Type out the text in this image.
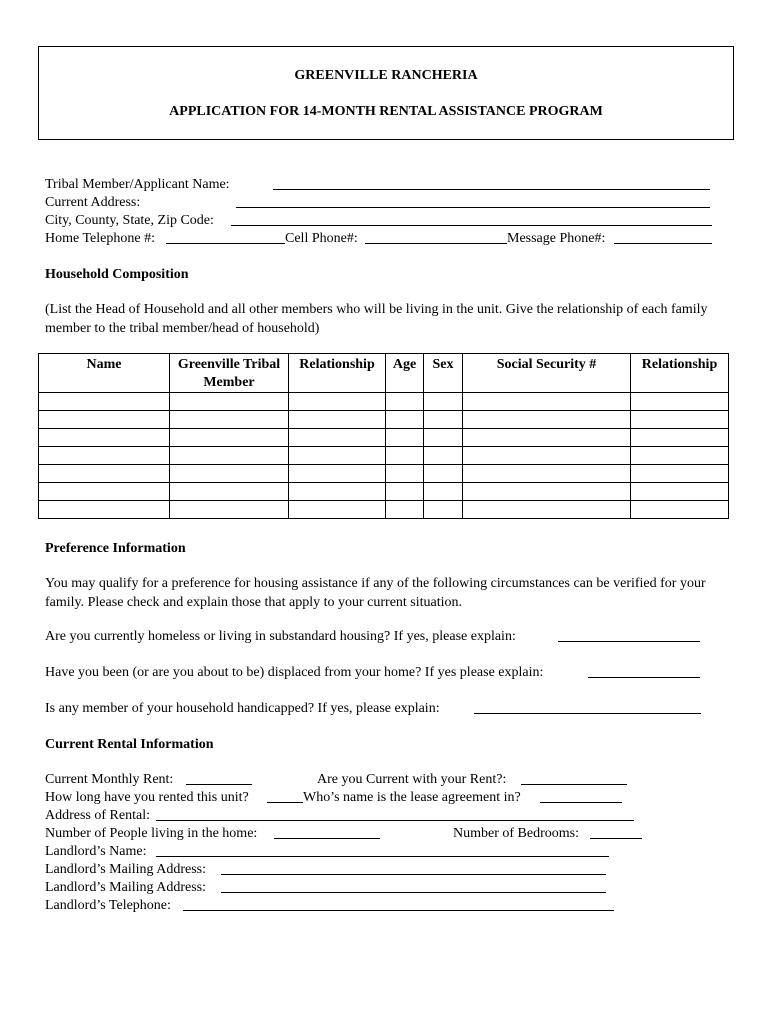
GREENVILLE RANCHERIA
APPLICATION FOR 14-MONTH RENTAL ASSISTANCE PROGRAM
Tribal Member/Applicant Name:
Current Address:
City, County, State, Zip Code:
Home Telephone #:	Cell Phone#:	Message Phone#:
Household Composition
(List the Head of Household and all other members who will be living in the unit. Give the relationship of each family member to the tribal member/head of household)
Name	Greenville Tribal Member	Relationship	Age	Sex	Social Security #	Relationship

Preference Information
You may qualify for a preference for housing assistance if any of the following circumstances can be verified for your family. Please check and explain those that apply to your current situation.
Are you currently homeless or living in substandard housing? If yes, please explain:
Have you been (or are you about to be) displaced from your home? If yes please explain:
Is any member of your household handicapped? If yes, please explain:
Current Rental Information
Current Monthly Rent:	Are you Current with your Rent?:
How long have you rented this unit?	Who’s name is the lease agreement in?
Address of Rental:
Number of People living in the home:	Number of Bedrooms:
Landlord’s Name:
Landlord’s Mailing Address:
Landlord’s Mailing Address:
Landlord’s Telephone:
